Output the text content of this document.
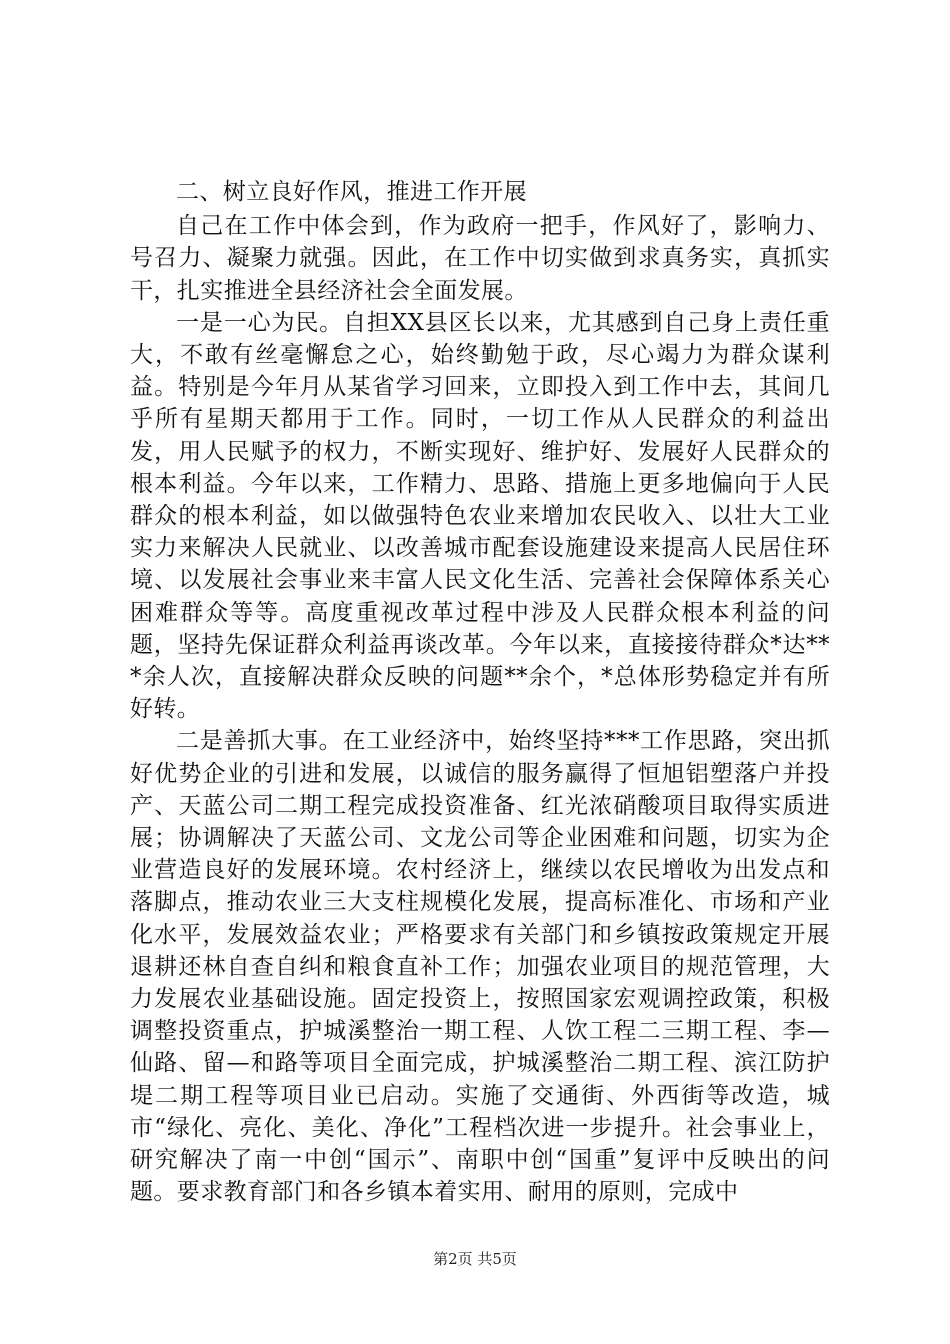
二、树立良好作风，推进工作开展

自己在工作中体会到，作为政府一把手，作风好了，影响力、号召力、凝聚力就强。因此，在工作中切实做到求真务实，真抓实干，扎实推进全县经济社会全面发展。

一是一心为民。自担XX县区长以来，尤其感到自己身上责任重大，不敢有丝毫懈怠之心，始终勤勉于政，尽心竭力为群众谋利益。特别是今年月从某省学习回来，立即投入到工作中去，其间几乎所有星期天都用于工作。同时，一切工作从人民群众的利益出发，用人民赋予的权力，不断实现好、维护好、发展好人民群众的根本利益。今年以来，工作精力、思路、措施上更多地偏向于人民群众的根本利益，如以做强特色农业来增加农民收入、以壮大工业实力来解决人民就业、以改善城市配套设施建设来提高人民居住环境、以发展社会事业来丰富人民文化生活、完善社会保障体系关心困难群众等等。高度重视改革过程中涉及人民群众根本利益的问题，坚持先保证群众利益再谈改革。今年以来，直接接待群众*达***余人次，直接解决群众反映的问题**余个，*总体形势稳定并有所好转。

二是善抓大事。在工业经济中，始终坚持***工作思路，突出抓好优势企业的引进和发展，以诚信的服务赢得了恒旭铝塑落户并投产、天蓝公司二期工程完成投资准备、红光浓硝酸项目取得实质进展；协调解决了天蓝公司、文龙公司等企业困难和问题，切实为企业营造良好的发展环境。农村经济上，继续以农民增收为出发点和落脚点，推动农业三大支柱规模化发展，提高标准化、市场和产业化水平，发展效益农业；严格要求有关部门和乡镇按政策规定开展退耕还林自查自纠和粮食直补工作；加强农业项目的规范管理，大力发展农业基础设施。固定投资上，按照国家宏观调控政策，积极调整投资重点，护城溪整治一期工程、人饮工程二三期工程、李—仙路、留—和路等项目全面完成，护城溪整治二期工程、滨江防护堤二期工程等项目业已启动。实施了交通街、外西街等改造，城市“绿化、亮化、美化、净化”工程档次进一步提升。社会事业上，研究解决了南一中创“国示”、南职中创“国重”复评中反映出的问题。要求教育部门和各乡镇本着实用、耐用的原则，完成中

第2页 共5页
